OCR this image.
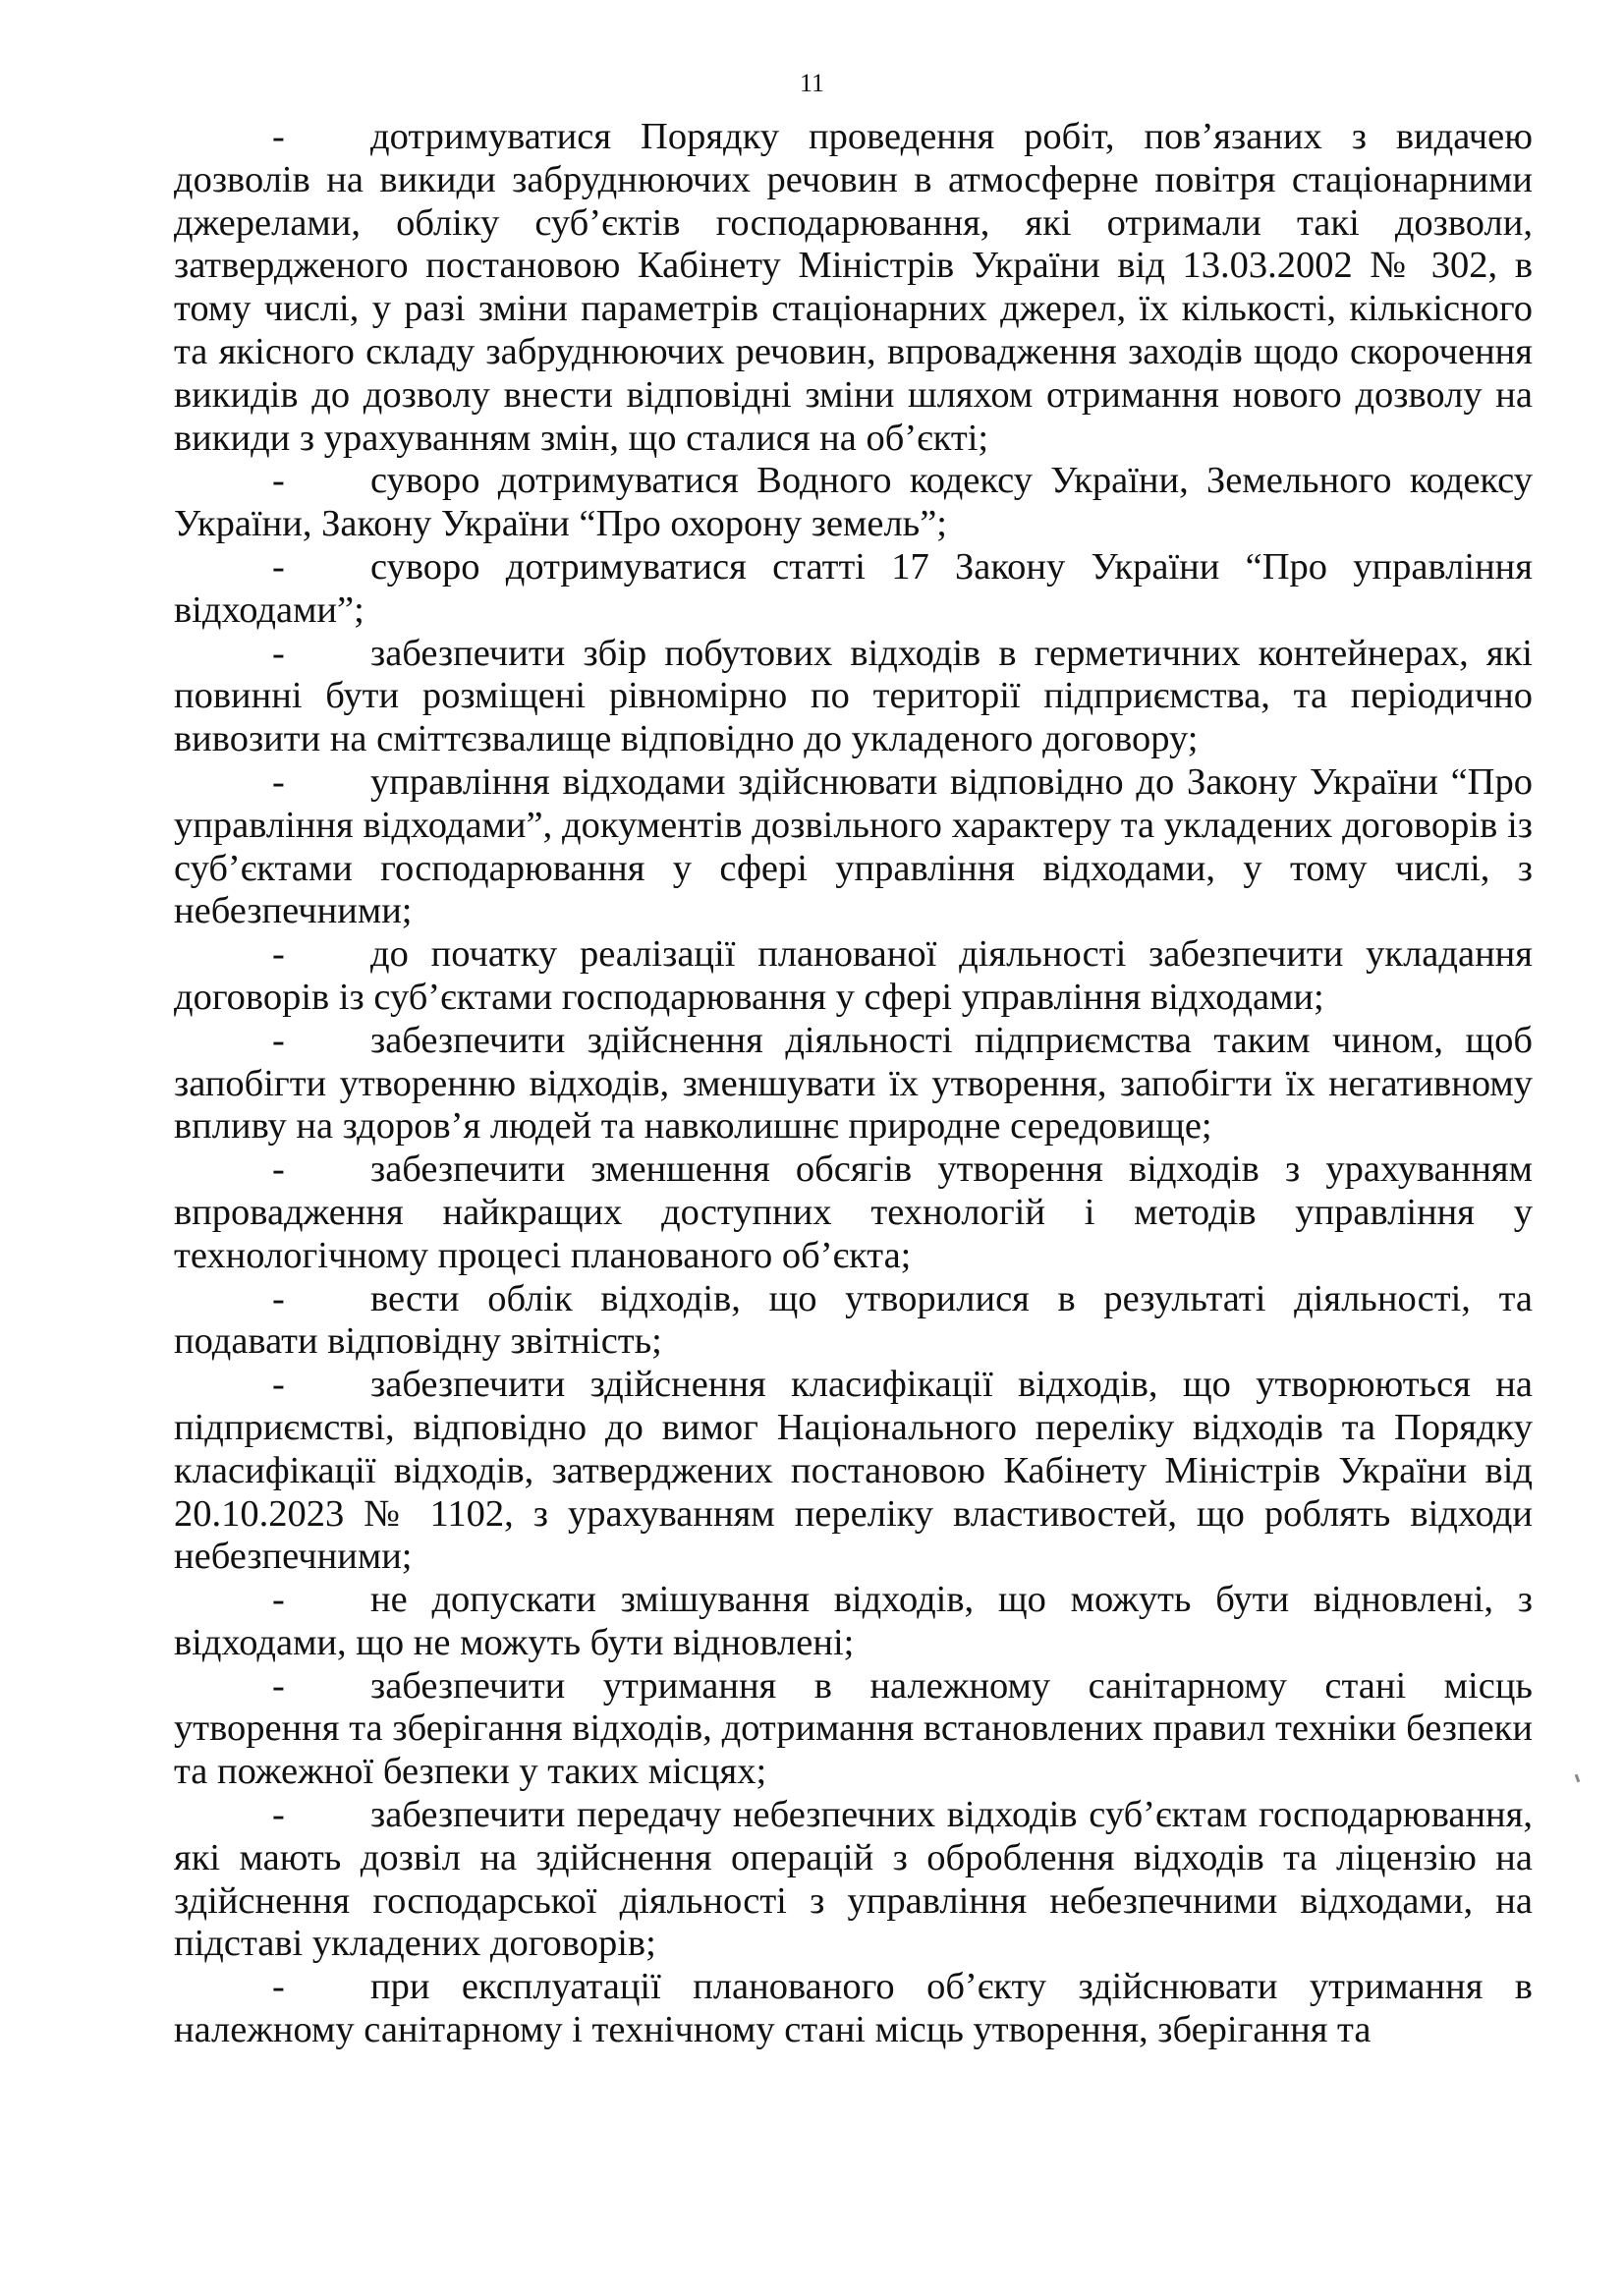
11

- дотримуватися Порядку проведення робіт, пов’язаних з видачею дозволів на викиди забруднюючих речовин в атмосферне повітря стаціонарними джерелами, обліку суб’єктів господарювання, які отримали такі дозволи, затвердженого постановою Кабінету Міністрів України від 13.03.2002 № 302, в тому числі, у разі зміни параметрів стаціонарних джерел, їх кількості, кількісного та якісного складу забруднюючих речовин, впровадження заходів щодо скорочення викидів до дозволу внести відповідні зміни шляхом отримання нового дозволу на викиди з урахуванням змін, що сталися на об’єкті;

- суворо дотримуватися Водного кодексу України, Земельного кодексу України, Закону України “Про охорону земель”;

- суворо дотримуватися статті 17 Закону України “Про управління відходами”;

- забезпечити збір побутових відходів в герметичних контейнерах, які повинні бути розміщені рівномірно по території підприємства, та періодично вивозити на сміттєзвалище відповідно до укладеного договору;

- управління відходами здійснювати відповідно до Закону України “Про управління відходами”, документів дозвільного характеру та укладених договорів із суб’єктами господарювання у сфері управління відходами, у тому числі, з небезпечними;

- до початку реалізації планованої діяльності забезпечити укладання договорів із суб’єктами господарювання у сфері управління відходами;

- забезпечити здійснення діяльності підприємства таким чином, щоб запобігти утворенню відходів, зменшувати їх утворення, запобігти їх негативному впливу на здоров’я людей та навколишнє природне середовище;

- забезпечити зменшення обсягів утворення відходів з урахуванням впровадження найкращих доступних технологій і методів управління у технологічному процесі планованого об’єкта;

- вести облік відходів, що утворилися в результаті діяльності, та подавати відповідну звітність;

- забезпечити здійснення класифікації відходів, що утворюються на підприємстві, відповідно до вимог Національного переліку відходів та Порядку класифікації відходів, затверджених постановою Кабінету Міністрів України від 20.10.2023 № 1102, з урахуванням переліку властивостей, що роблять відходи небезпечними;

- не допускати змішування відходів, що можуть бути відновлені, з відходами, що не можуть бути відновлені;

- забезпечити утримання в належному санітарному стані місць утворення та зберігання відходів, дотримання встановлених правил техніки безпеки та пожежної безпеки у таких місцях;

- забезпечити передачу небезпечних відходів суб’єктам господарювання, які мають дозвіл на здійснення операцій з оброблення відходів та ліцензію на здійснення господарської діяльності з управління небезпечними відходами, на підставі укладених договорів;

- при експлуатації планованого об’єкту здійснювати утримання в належному санітарному і технічному стані місць утворення, зберігання та
